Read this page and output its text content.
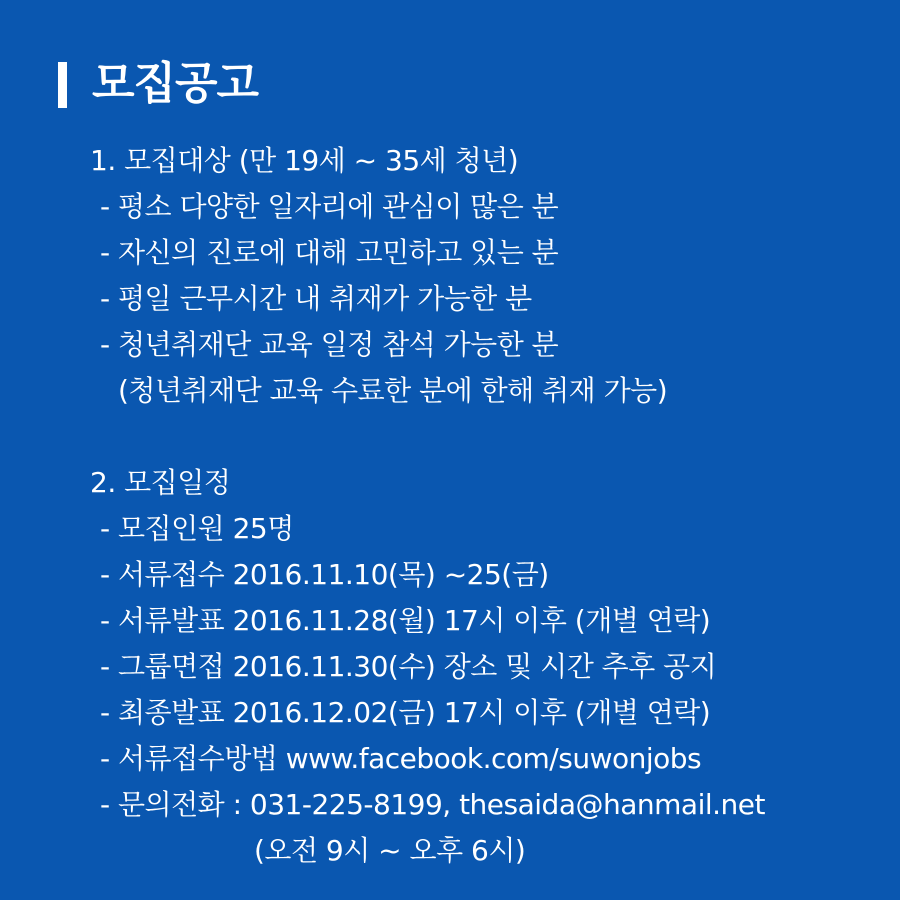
모집공고
1. 모집대상 (만 19세 ~ 35세 청년)
- 평소 다양한 일자리에 관심이 많은 분
- 자신의 진로에 대해 고민하고 있는 분
- 평일 근무시간 내 취재가 가능한 분
- 청년취재단 교육 일정 참석 가능한 분
(청년취재단 교육 수료한 분에 한해 취재 가능)
2. 모집일정
- 모집인원 25명
- 서류접수 2016.11.10(목) ~25(금)
- 서류발표 2016.11.28(월) 17시 이후 (개별 연락)
- 그룹면접 2016.11.30(수) 장소 및 시간 추후 공지
- 최종발표 2016.12.02(금) 17시 이후 (개별 연락)
- 서류접수방법 www.facebook.com/suwonjobs
- 문의전화 : 031-225-8199, thesaida@hanmail.net
(오전 9시 ~ 오후 6시)
